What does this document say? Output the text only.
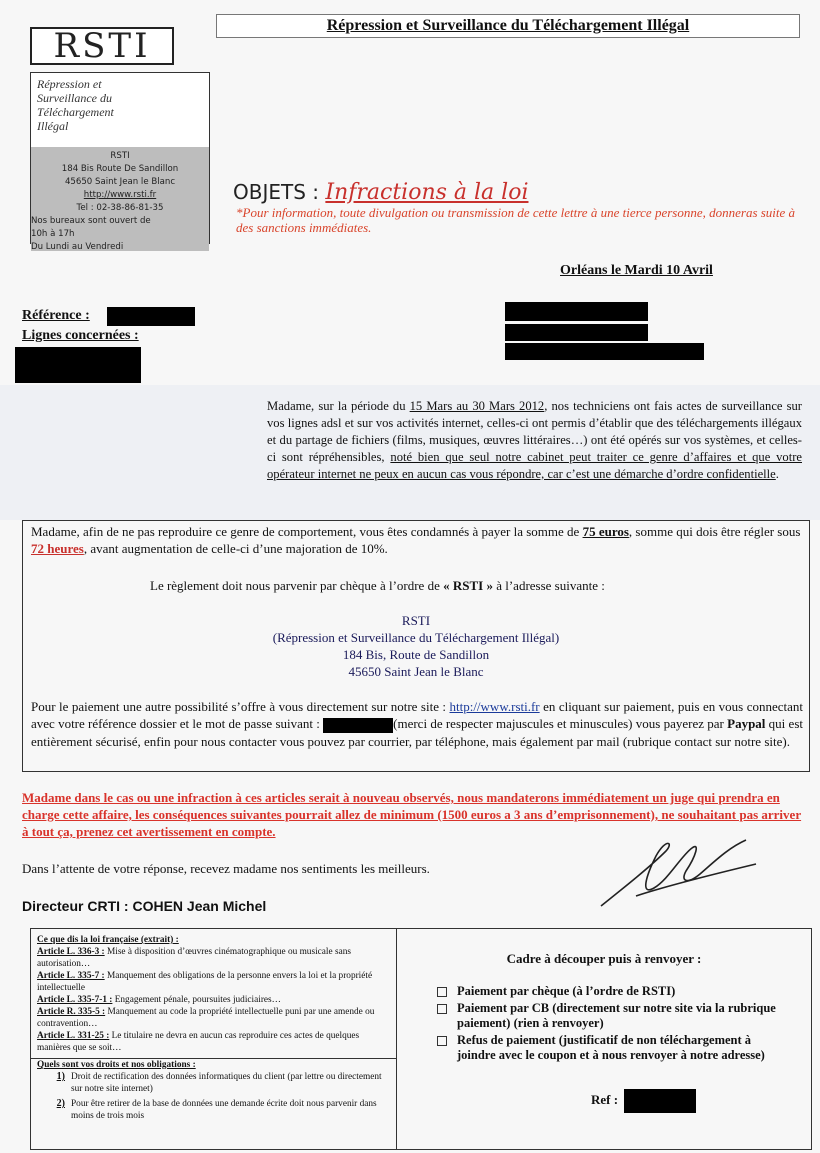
Répression et Surveillance du Téléchargement Illégal
RSTI
Répression et
Surveillance du
Téléchargement
Illégal
RSTI
184 Bis Route De Sandillon
45650 Saint Jean le Blanc
http://www.rsti.fr
Tel : 02-38-86-81-35
Nos bureaux sont ouvert de
10h à 17h
Du Lundi au Vendredi
OBJETS : Infractions à la loi
*Pour information, toute divulgation ou transmission de cette lettre à une tierce personne, donneras suite à des sanctions immédiates.
Orléans le Mardi 10 Avril
Référence :
Lignes concernées :
Madame, sur la période du 15 Mars au 30 Mars 2012, nos techniciens ont fais actes de surveillance sur vos lignes adsl et sur vos activités internet, celles-ci ont permis d’établir que des téléchargements illégaux et du partage de fichiers (films, musiques, œuvres littéraires…) ont été opérés sur vos systèmes, et celles-ci sont répréhensibles, noté bien que seul notre cabinet peut traiter ce genre d’affaires et que votre opérateur internet ne peux en aucun cas vous répondre, car c’est une démarche d’ordre confidentielle.
Madame, afin de ne pas reproduire ce genre de comportement, vous êtes condamnés à payer la somme de 75 euros, somme qui dois être régler sous 72 heures, avant augmentation de celle-ci d’une majoration de 10%.
Le règlement doit nous parvenir par chèque à l’ordre de « RSTI » à l’adresse suivante :
RSTI
(Répression et Surveillance du Téléchargement Illégal)
184 Bis, Route de Sandillon
45650 Saint Jean le Blanc
Pour le paiement une autre possibilité s’offre à vous directement sur notre site : http://www.rsti.fr en cliquant sur paiement, puis en vous connectant avec votre référence dossier et le mot de passe suivant :	(merci de respecter majuscules et minuscules) vous payerez par Paypal qui est entièrement sécurisé, enfin pour nous contacter vous pouvez par courrier, par téléphone, mais également par mail (rubrique contact sur notre site).
Madame dans le cas ou une infraction à ces articles serait à nouveau observés, nous mandaterons immédiatement un juge qui prendra en charge cette affaire, les conséquences suivantes pourrait allez de minimum (1500 euros a 3 ans d’emprisonnement), ne souhaitant pas arriver à tout ça, prenez cet avertissement en compte.
Dans l’attente de votre réponse, recevez madame nos sentiments les meilleurs.
Directeur CRTI : COHEN Jean Michel
Ce que dis la loi française (extrait) :
Article L. 336-3 : Mise à disposition d’œuvres cinématographique ou musicale sans autorisation…
Article L. 335-7 : Manquement des obligations de la personne envers la loi et la propriété intellectuelle
Article L. 335-7-1 : Engagement pénale, poursuites judiciaires…
Article R. 335-5 : Manquement au code la propriété intellectuelle puni par une amende ou contravention…
Article L. 331-25 : Le titulaire ne devra en aucun cas reproduire ces actes de quelques manières que se soit…
Quels sont vos droits et nos obligations :
1) Droit de rectification des données informatiques du client (par lettre ou directement sur notre site internet)
2) Pour être retirer de la base de données une demande écrite doit nous parvenir dans moins de trois mois
Cadre à découper puis à renvoyer :
Paiement par chèque (à l’ordre de RSTI)
Paiement par CB (directement sur notre site via la rubrique paiement) (rien à renvoyer)
Refus de paiement (justificatif de non téléchargement à joindre avec le coupon et à nous renvoyer à notre adresse)
Ref :
